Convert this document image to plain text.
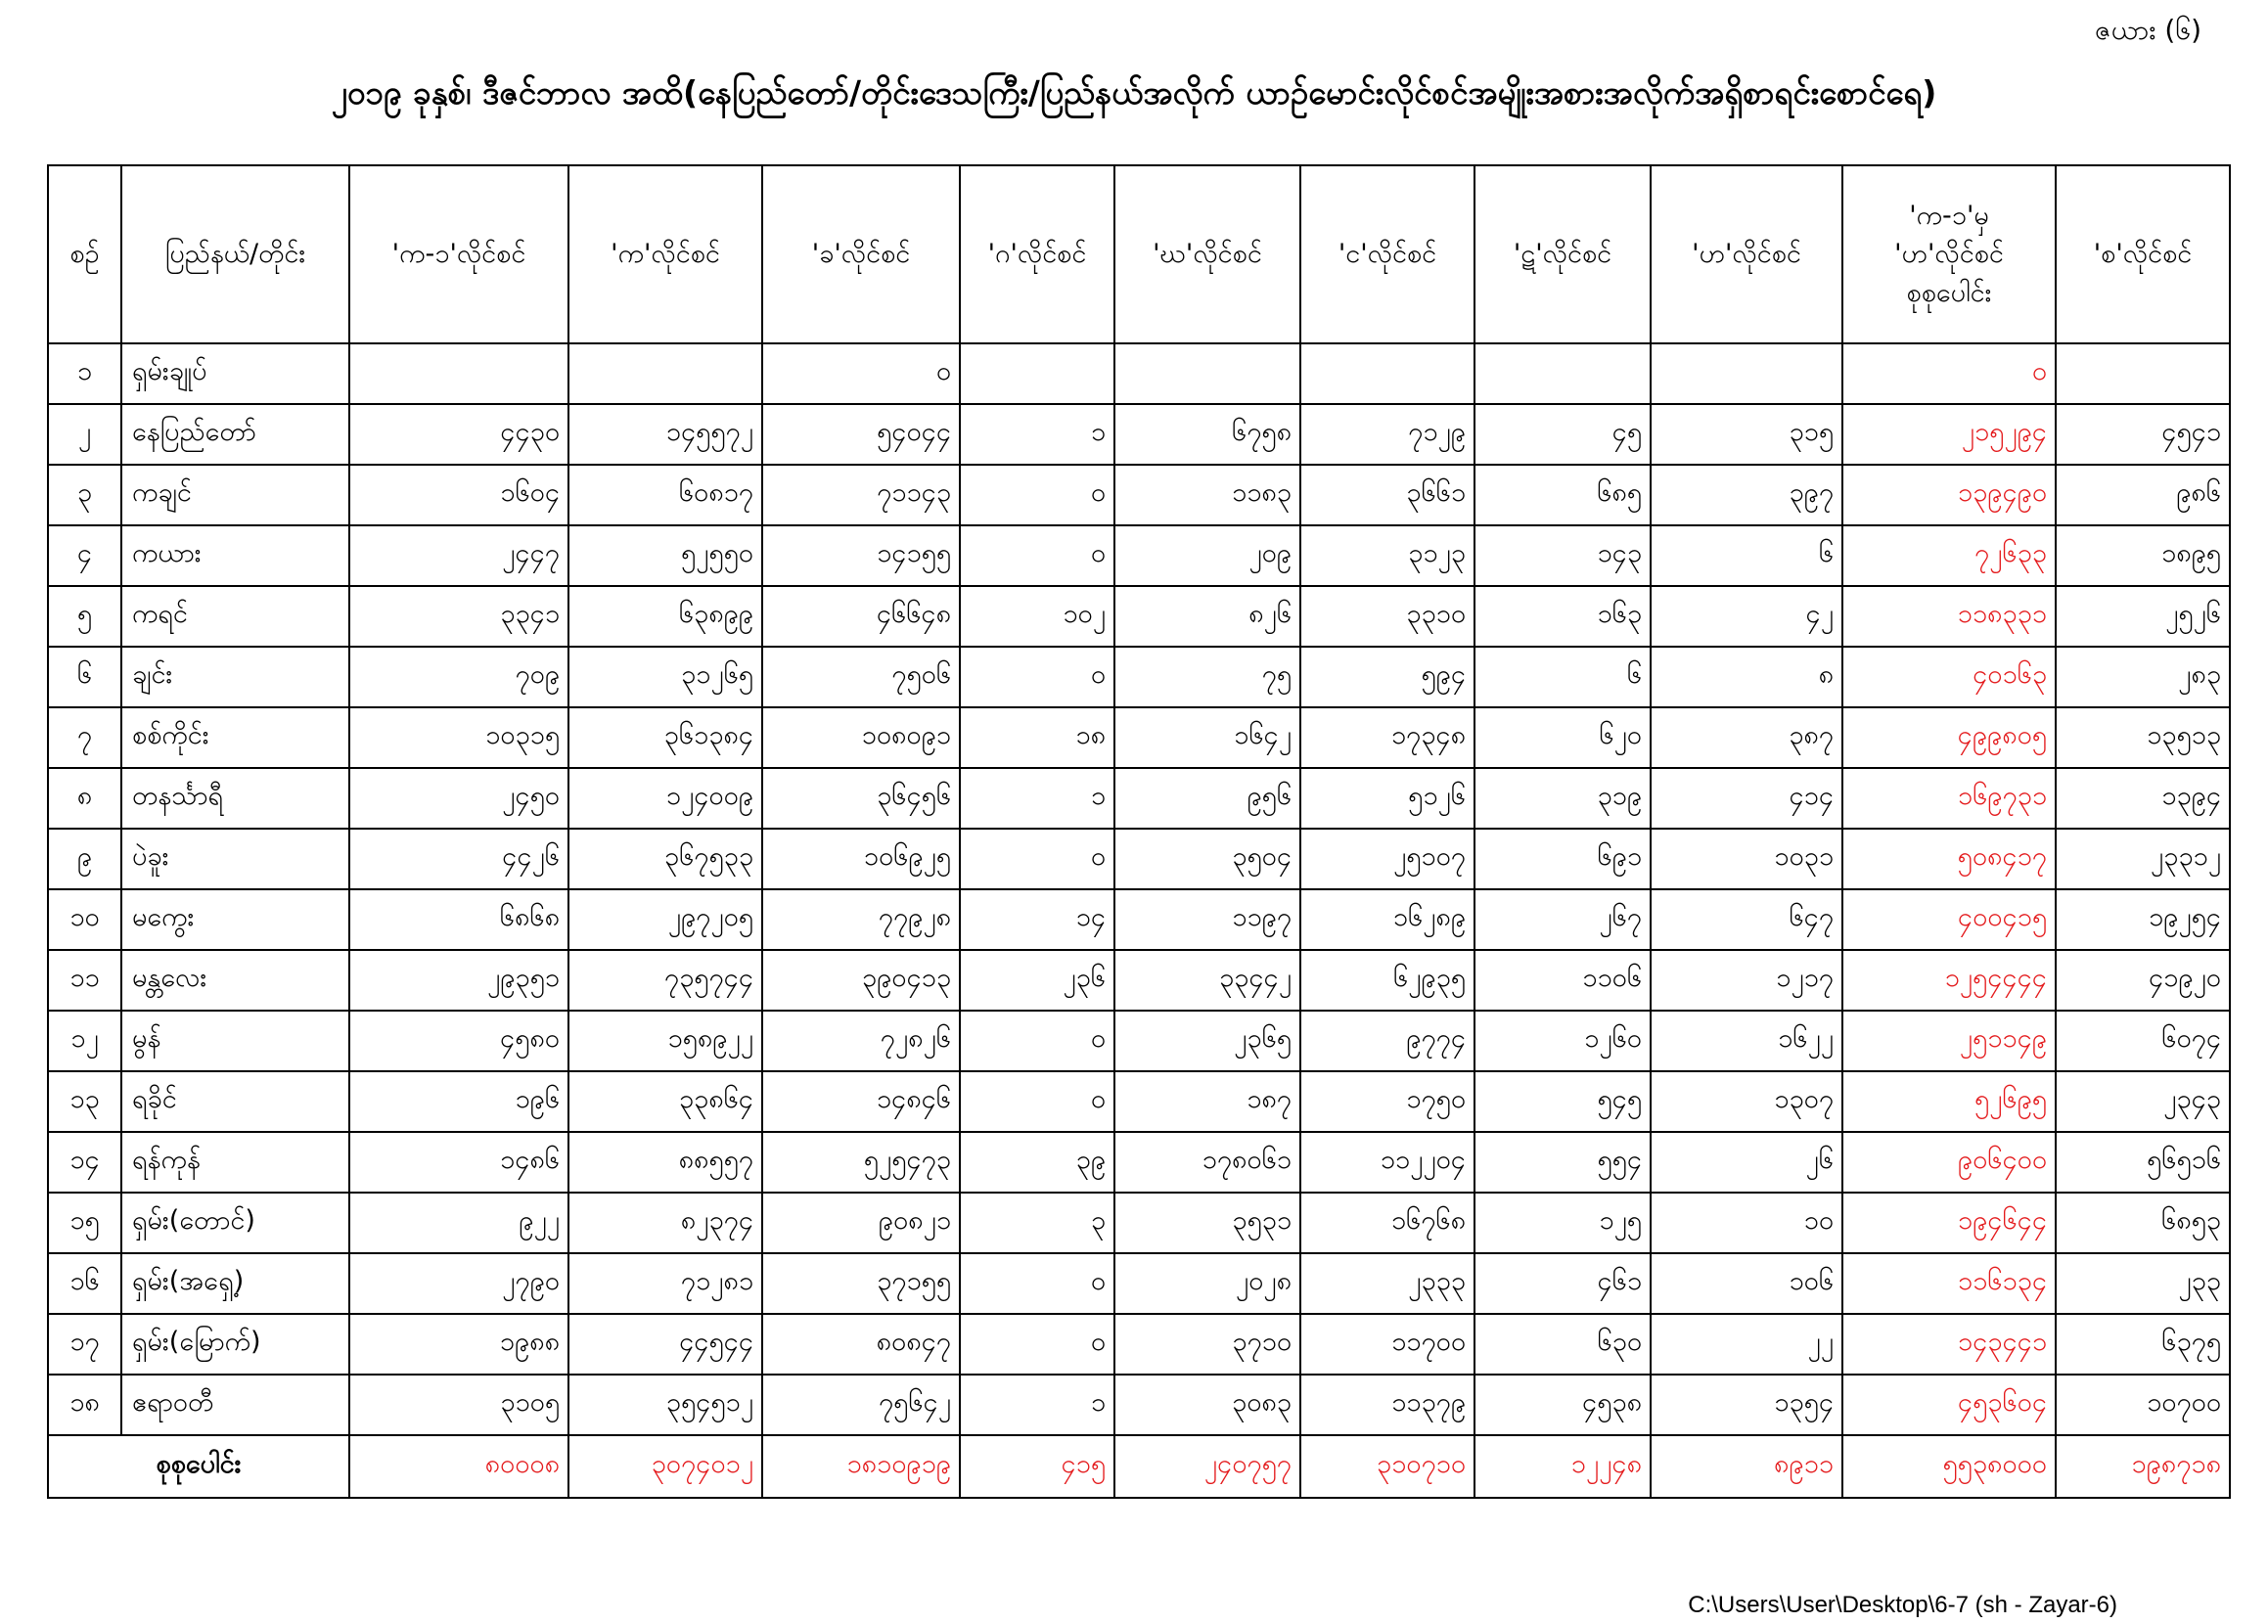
ဇယား (၆)
၂၀၁၉ ခုနှစ်၊ ဒီဇင်ဘာလ အထိ(နေပြည်တော်/တိုင်းဒေသကြီး/ပြည်နယ်အလိုက် ယာဉ်မောင်းလိုင်စင်အမျိုးအစားအလိုက်အရှိစာရင်းစောင်ရေ)
စဉ်	ပြည်နယ်/တိုင်း	'က-၁'လိုင်စင်	'က'လိုင်စင်	'ခ'လိုင်စင်	'ဂ'လိုင်စင်	'ဃ'လိုင်စင်	'င'လိုင်စင်	'ဋ'လိုင်စင်	'ဟ'လိုင်စင်	'က-၁'မှ 'ဟ'လိုင်စင် စုစုပေါင်း	'စ'လိုင်စင်
၁	ရှမ်းချုပ်			၀						၀	
၂	နေပြည်တော်	၄၄၃၀	၁၄၅၅၇၂	၅၄၀၄၄	၁	၆၇၅၈	၇၁၂၉	၄၅	၃၁၅	၂၁၅၂၉၄	၄၅၄၁
၃	ကချင်	၁၆၀၄	၆၀၈၁၇	၇၁၁၄၃	၀	၁၁၈၃	၃၆၆၁	၆၈၅	၃၉၇	၁၃၉၄၉၀	၉၈၆
၄	ကယား	၂၄၄၇	၅၂၅၅၀	၁၄၁၅၅	၀	၂၀၉	၃၁၂၃	၁၄၃	၆	၇၂၆၃၃	၁၈၉၅
၅	ကရင်	၃၃၄၁	၆၃၈၉၉	၄၆၆၄၈	၁၀၂	၈၂၆	၃၃၁၀	၁၆၃	၄၂	၁၁၈၃၃၁	၂၅၂၆
၆	ချင်း	၇၀၉	၃၁၂၆၅	၇၅၀၆	၀	၇၅	၅၉၄	၆	၈	၄၀၁၆၃	၂၈၃
၇	စစ်ကိုင်း	၁၀၃၁၅	၃၆၁၃၈၄	၁၀၈၀၉၁	၁၈	၁၆၄၂	၁၇၃၄၈	၆၂၀	၃၈၇	၄၉၉၈၀၅	၁၃၅၁၃
၈	တနင်္သာရီ	၂၄၅၀	၁၂၄၀၀၉	၃၆၄၅၆	၁	၉၅၆	၅၁၂၆	၃၁၉	၄၁၄	၁၆၉၇၃၁	၁၃၉၄
၉	ပဲခူး	၄၄၂၆	၃၆၇၅၃၃	၁၀၆၉၂၅	၀	၃၅၀၄	၂၅၁၀၇	၆၉၁	၁၀၃၁	၅၀၈၄၁၇	၂၃၃၁၂
၁၀	မကွေး	၆၈၆၈	၂၉၇၂၀၅	၇၇၉၂၈	၁၄	၁၁၉၇	၁၆၂၈၉	၂၆၇	၆၄၇	၄၀၀၄၁၅	၁၉၂၅၄
၁၁	မန္တလေး	၂၉၃၅၁	၇၃၅၇၄၄	၃၉၀၄၁၃	၂၃၆	၃၃၄၄၂	၆၂၉၃၅	၁၁၀၆	၁၂၁၇	၁၂၅၄၄၄၄	၄၁၉၂၀
၁၂	မွန်	၄၅၈၀	၁၅၈၉၂၂	၇၂၈၂၆	၀	၂၃၆၅	၉၇၇၄	၁၂၆၀	၁၆၂၂	၂၅၁၁၄၉	၆၀၇၄
၁၃	ရခိုင်	၁၉၆	၃၃၈၆၄	၁၄၈၄၆	၀	၁၈၇	၁၇၅၀	၅၄၅	၁၃၀၇	၅၂၆၉၅	၂၃၄၃
၁၄	ရန်ကုန်	၁၄၈၆	၈၈၅၅၇	၅၂၅၄၇၃	၃၉	၁၇၈၀၆၁	၁၁၂၂၀၄	၅၅၄	၂၆	၉၀၆၄၀၀	၅၆၅၁၆
၁၅	ရှမ်း(တောင်)	၉၂၂	၈၂၃၇၄	၉၀၈၂၁	၃	၃၅၃၁	၁၆၇၆၈	၁၂၅	၁၀	၁၉၄၆၄၄	၆၈၅၃
၁၆	ရှမ်း(အရှေ့)	၂၇၉၀	၇၁၂၈၁	၃၇၁၅၅	၀	၂၀၂၈	၂၃၃၃	၄၆၁	၁၀၆	၁၁၆၁၃၄	၂၃၃
၁၇	ရှမ်း(မြောက်)	၁၉၈၈	၄၄၅၄၄	၈၀၈၄၇	၀	၃၇၁၀	၁၁၇၀၀	၆၃၀	၂၂	၁၄၃၄၄၁	၆၃၇၅
၁၈	ဧရာဝတီ	၃၁၀၅	၃၅၄၅၁၂	၇၅၆၄၂	၁	၃၀၈၃	၁၁၃၇၉	၄၅၃၈	၁၃၅၄	၄၅၃၆၀၄	၁၀၇၀၀
စုစုပေါင်း		၈၀၀၀၈	၃၀၇၄၀၁၂	၁၈၁၀၉၁၉	၄၁၅	၂၄၀၇၅၇	၃၁၀၇၁၀	၁၂၂၄၈	၈၉၁၁	၅၅၃၈၀၀၀	၁၉၈၇၁၈
C:\Users\User\Desktop\6-7 (sh - Zayar-6)
